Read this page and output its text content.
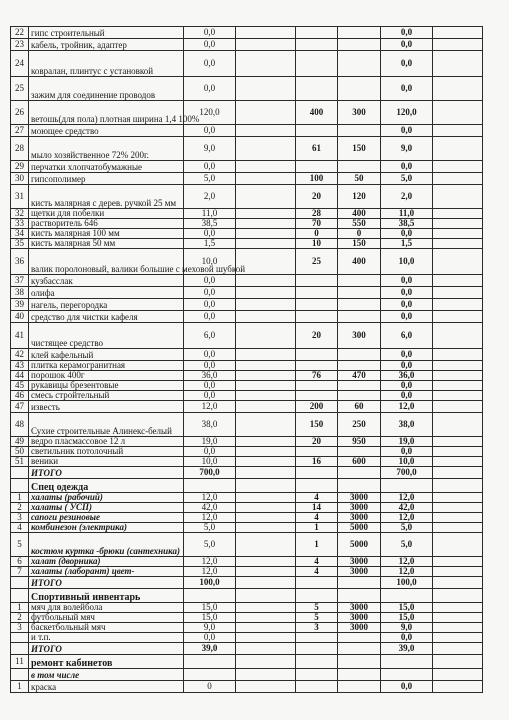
22	гипс строительный	0,0				0,0	
23	кабель, тройник, адаптер	0,0				0,0	
24	ковралан, плинтус с установкой	0,0				0,0	
25	зажим для соединение проводов	0,0				0,0	
26	ветошь(для пола) плотная ширина 1,4 100%	120,0		400	300	120,0	
27	моющее средство	0,0				0,0	
28	мыло хозяйственное 72% 200г.	9,0		61	150	9,0	
29	перчатки хлопчатобумажные	0,0				0,0	
30	гипсополимер	5,0		100	50	5,0	
31	кисть малярная с дерев. ручкой 25 мм	2,0		20	120	2,0	
32	щетки для побелки	11,0		28	400	11,0	
33	растворитель 646	38,5		70	550	38,5	
34	кисть малярная 100 мм	0,0		0	0	0,0	
35	кисть малярная 50 мм	1,5		10	150	1,5	
36	валик поролоновый, валики большие с меховой шубкой	10,0		25	400	10,0	
37	кузбасслак	0,0				0,0	
38	олифа	0,0				0,0	
39	нагель, перегородка	0,0				0,0	
40	средство для чистки кафеля	0,0				0,0	
41	чистящее средство	6,0		20	300	6,0	
42	клей кафельный	0,0				0,0	
43	плитка керамогранитная	0,0				0,0	
44	порошок 400г	36,0		76	470	36,0	
45	рукавицы брезентовые	0,0				0,0	
46	смесь стройтельный	0,0				0,0	
47	известь	12,0		200	60	12,0	
48	Сухие строительные Алинекс-белый	38,0		150	250	38,0	
49	ведро пласмассовое 12 л	19,0		20	950	19,0	
50	светильник потолочный	0,0				0,0	
51	веники	10,0		16	600	10,0	
	ИТОГО	700,0				700,0	
	Спец одежда						
1	халаты (рабочий)	12,0		4	3000	12,0	
2	халаты ( УСП)	42,0		14	3000	42,0	
3	сапоги резиновые	12,0		4	3000	12,0	
4	комбинезон (электрика)	5,0		1	5000	5,0	
5	костюм куртка -брюки (сантехника)	5,0		1	5000	5,0	
6	халат (дворника)	12,0		4	3000	12,0	
7	халаты (лаборант) цвет-	12,0		4	3000	12,0	
	ИТОГО	100,0				100,0	
	Спортивный инвентарь						
1	мяч для волейбола	15,0		5	3000	15,0	
2	футбольный мяч	15,0		5	3000	15,0	
3	баскетбольный мяч	9,0		3	3000	9,0	
	и т.п.	0,0				0,0	
	ИТОГО	39,0				39,0	
11	ремонт кабинетов						
	в том числе						
1	краска	0				0,0	
